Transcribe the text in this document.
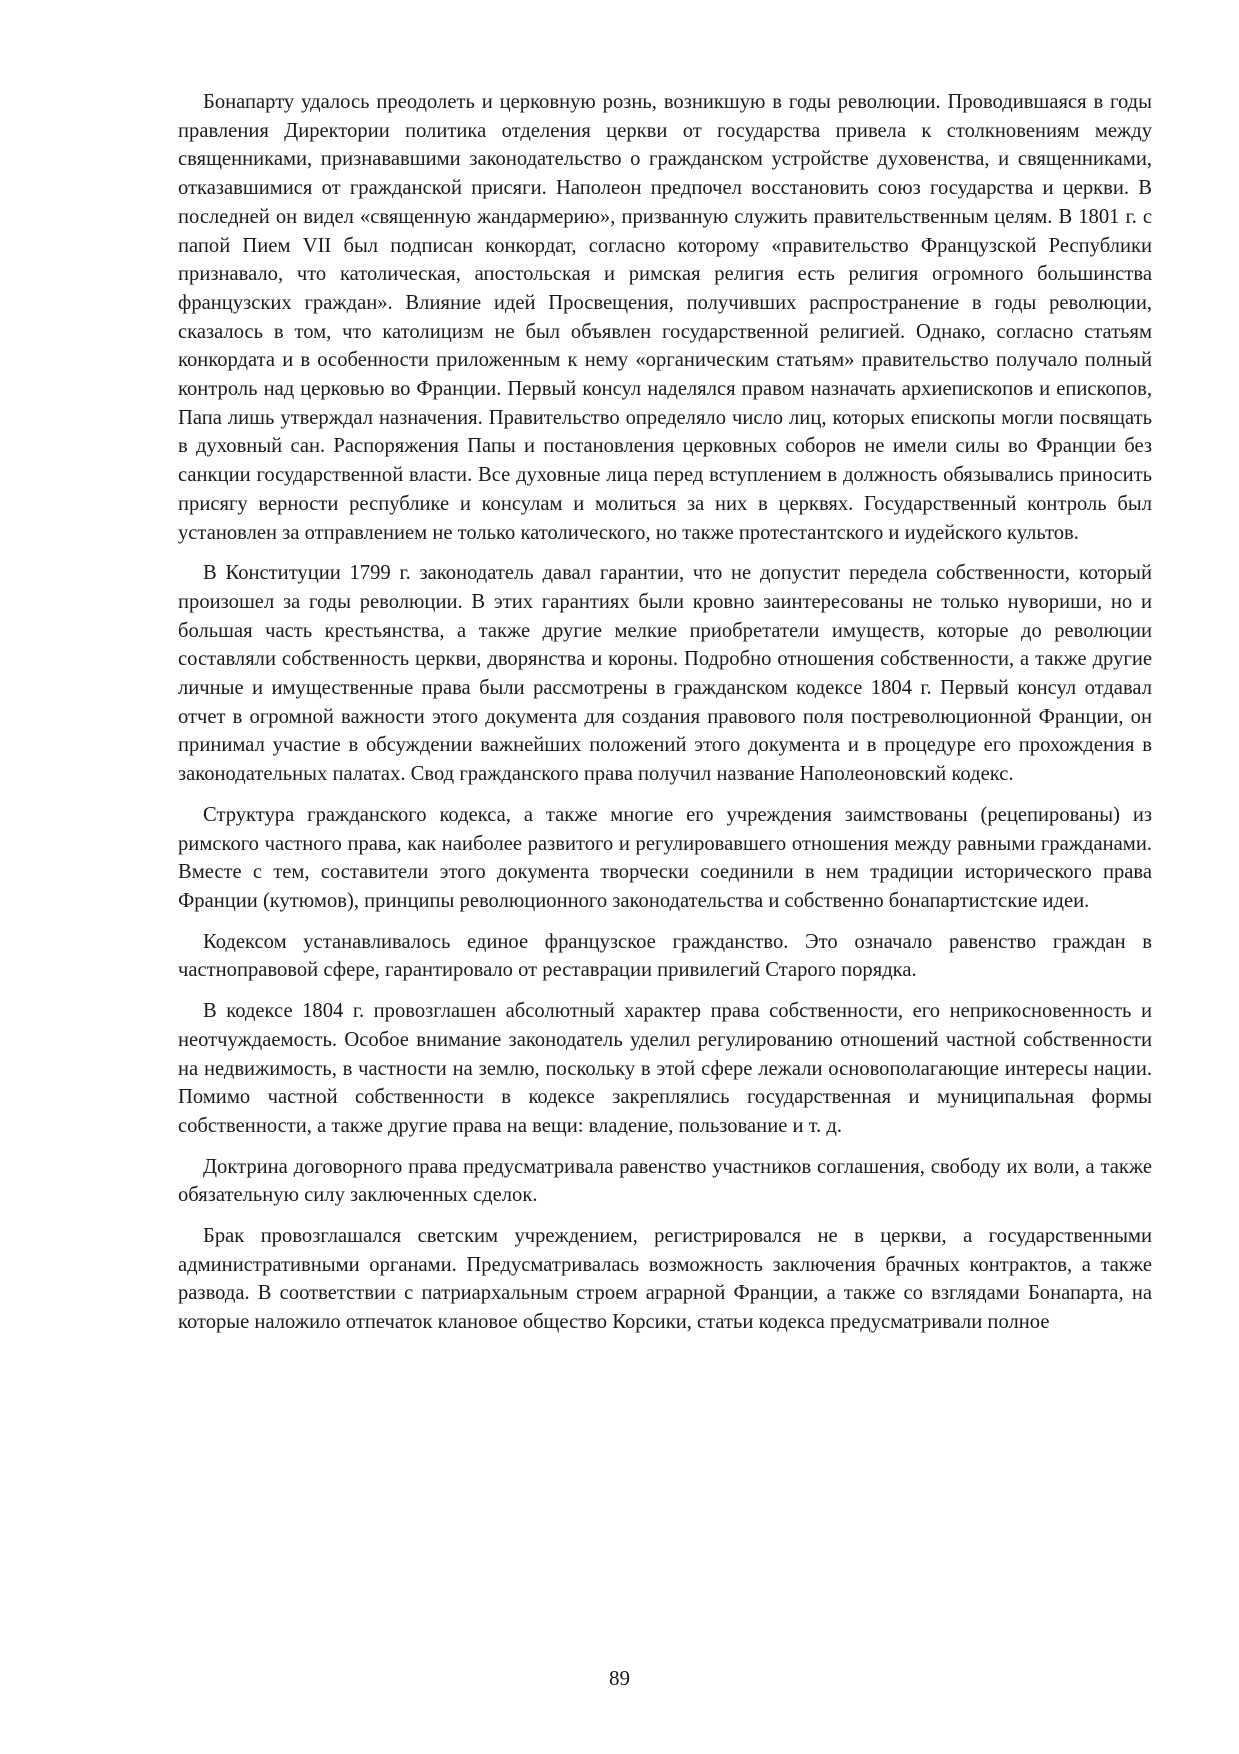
Бонапарту удалось преодолеть и церковную рознь, возникшую в годы революции. Проводившаяся в годы правления Директории политика отделения церкви от государства привела к столкновениям между священниками, признававшими законодательство о гражданском устройстве духовенства, и священниками, отказавшимися от гражданской присяги. Наполеон предпочел восстановить союз государства и церкви. В последней он видел «священную жандармерию», призванную служить правительственным целям. В 1801 г. с папой Пием VII был подписан конкордат, согласно которому «правительство Французской Республики признавало, что католическая, апостольская и римская религия есть религия огромного большинства французских граждан». Влияние идей Просвещения, получивших распространение в годы революции, сказалось в том, что католицизм не был объявлен государственной религией. Однако, согласно статьям конкордата и в особенности приложенным к нему «органическим статьям» правительство получало полный контроль над церковью во Франции. Первый консул наделялся правом назначать архиепископов и епископов, Папа лишь утверждал назначения. Правительство определяло число лиц, которых епископы могли посвящать в духовный сан. Распоряжения Папы и постановления церковных соборов не имели силы во Франции без санкции государственной власти. Все духовные лица перед вступлением в должность обязывались приносить присягу верности республике и консулам и молиться за них в церквях. Государственный контроль был установлен за отправлением не только католического, но также протестантского и иудейского культов.

В Конституции 1799 г. законодатель давал гарантии, что не допустит передела собственности, который произошел за годы революции. В этих гарантиях были кровно заинтересованы не только нувориши, но и большая часть крестьянства, а также другие мелкие приобретатели имуществ, которые до революции составляли собственность церкви, дворянства и короны. Подробно отношения собственности, а также другие личные и имущественные права были рассмотрены в гражданском кодексе 1804 г. Первый консул отдавал отчет в огромной важности этого документа для создания правового поля постреволюционной Франции, он принимал участие в обсуждении важнейших положений этого документа и в процедуре его прохождения в законодательных палатах. Свод гражданского права получил название Наполеоновский кодекс.

Структура гражданского кодекса, а также многие его учреждения заимствованы (рецепированы) из римского частного права, как наиболее развитого и регулировавшего отношения между равными гражданами. Вместе с тем, составители этого документа творчески соединили в нем традиции исторического права Франции (кутюмов), принципы революционного законодательства и собственно бонапартистские идеи.

Кодексом устанавливалось единое французское гражданство. Это означало равенство граждан в частноправовой сфере, гарантировало от реставрации привилегий Старого порядка.

В кодексе 1804 г. провозглашен абсолютный характер права собственности, его неприкосновенность и неотчуждаемость. Особое внимание законодатель уделил регулированию отношений частной собственности на недвижимость, в частности на землю, поскольку в этой сфере лежали основополагающие интересы нации. Помимо частной собственности в кодексе закреплялись государственная и муниципальная формы собственности, а также другие права на вещи: владение, пользование и т. д.

Доктрина договорного права предусматривала равенство участников соглашения, свободу их воли, а также обязательную силу заключенных сделок.

Брак провозглашался светским учреждением, регистрировался не в церкви, а государственными административными органами. Предусматривалась возможность заключения брачных контрактов, а также развода. В соответствии с патриархальным строем аграрной Франции, а также со взглядами Бонапарта, на которые наложило отпечаток клановое общество Корсики, статьи кодекса предусматривали полное

89
